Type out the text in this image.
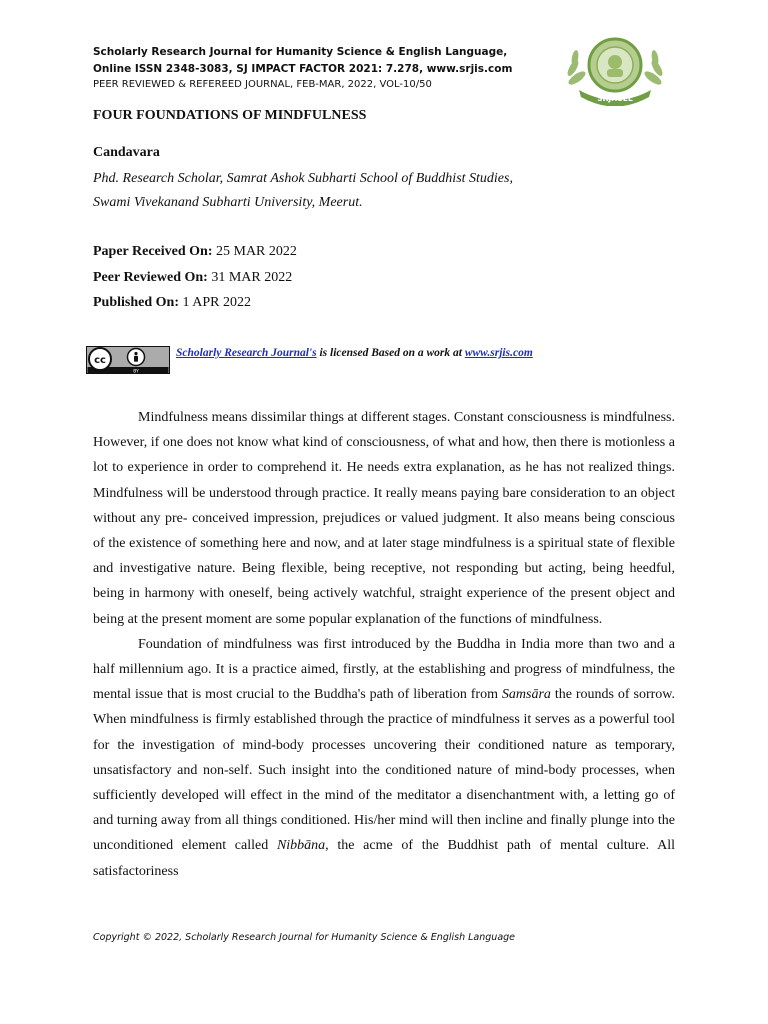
Scholarly Research Journal for Humanity Science & English Language,
Online ISSN 2348-3083, SJ IMPACT FACTOR 2021: 7.278, www.srjis.com
PEER REVIEWED & REFEREED JOURNAL, FEB-MAR, 2022, VOL-10/50
SRJHSEL
FOUR FOUNDATIONS OF MINDFULNESS
Candavara
Phd. Research Scholar, Samrat Ashok Subharti School of Buddhist Studies,
Swami Vivekanand Subharti University, Meerut.
Paper Received On: 25 MAR 2022
Peer Reviewed On: 31 MAR 2022
Published On: 1 APR 2022
cc
BY
Scholarly Research Journal's is licensed Based on a work at www.srjis.com

Mindfulness means dissimilar things at different stages. Constant consciousness is mindfulness. However, if one does not know what kind of consciousness, of what and how, then there is motionless a lot to experience in order to comprehend it. He needs extra explanation, as he has not realized things. Mindfulness will be understood through practice. It really means paying bare consideration to an object without any pre- conceived impression, prejudices or valued judgment. It also means being conscious of the existence of something here and now, and at later stage mindfulness is a spiritual state of flexible and investigative nature. Being flexible, being receptive, not responding but acting, being heedful, being in harmony with oneself, being actively watchful, straight experience of the present object and being at the present moment are some popular explanation of the functions of mindfulness.

Foundation of mindfulness was first introduced by the Buddha in India more than two and a half millennium ago. It is a practice aimed, firstly, at the establishing and progress of mindfulness, the mental issue that is most crucial to the Buddha's path of liberation from Samsāra the rounds of sorrow. When mindfulness is firmly established through the practice of mindfulness it serves as a powerful tool for the investigation of mind-body processes uncovering their conditioned nature as temporary, unsatisfactory and non-self. Such insight into the conditioned nature of mind-body processes, when sufficiently developed will effect in the mind of the meditator a disenchantment with, a letting go of and turning away from all things conditioned. His/her mind will then incline and finally plunge into the unconditioned element called Nibbāna, the acme of the Buddhist path of mental culture. All satisfactoriness

Copyright © 2022, Scholarly Research Journal for Humanity Science & English Language
